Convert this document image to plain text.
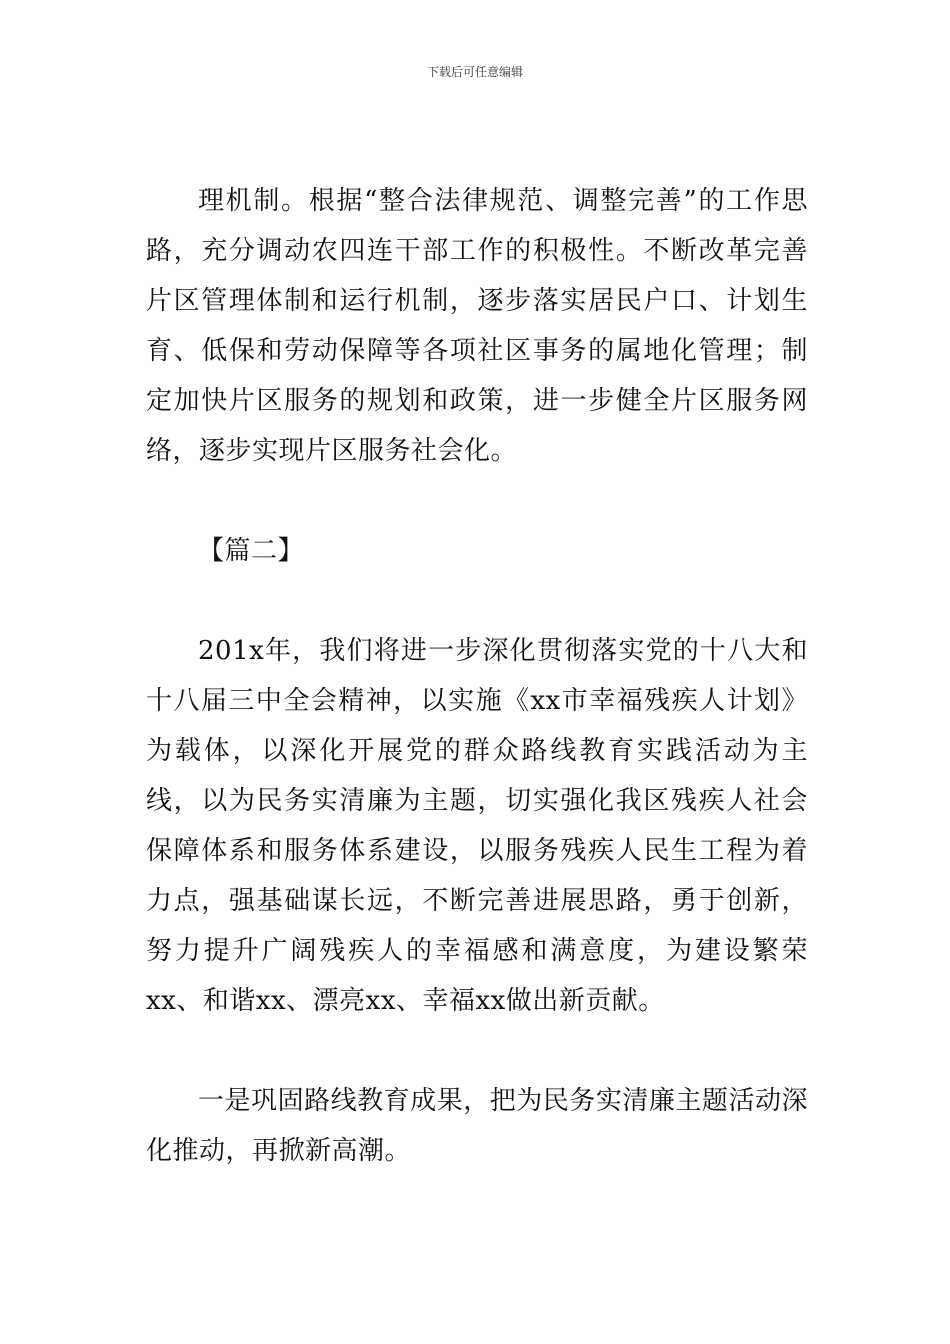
下载后可任意编辑

理机制。根据“整合法律规范、调整完善”的工作思路，充分调动农四连干部工作的积极性。不断改革完善片区管理体制和运行机制，逐步落实居民户口、计划生育、低保和劳动保障等各项社区事务的属地化管理；制定加快片区服务的规划和政策，进一步健全片区服务网络，逐步实现片区服务社会化。

【篇二】

201x年，我们将进一步深化贯彻落实党的十八大和十八届三中全会精神，以实施《xx市幸福残疾人计划》为载体，以深化开展党的群众路线教育实践活动为主线，以为民务实清廉为主题，切实强化我区残疾人社会保障体系和服务体系建设，以服务残疾人民生工程为着力点，强基础谋长远，不断完善进展思路，勇于创新，努力提升广阔残疾人的幸福感和满意度，为建设繁荣xx、和谐xx、漂亮xx、幸福xx做出新贡献。

一是巩固路线教育成果，把为民务实清廉主题活动深化推动，再掀新高潮。
